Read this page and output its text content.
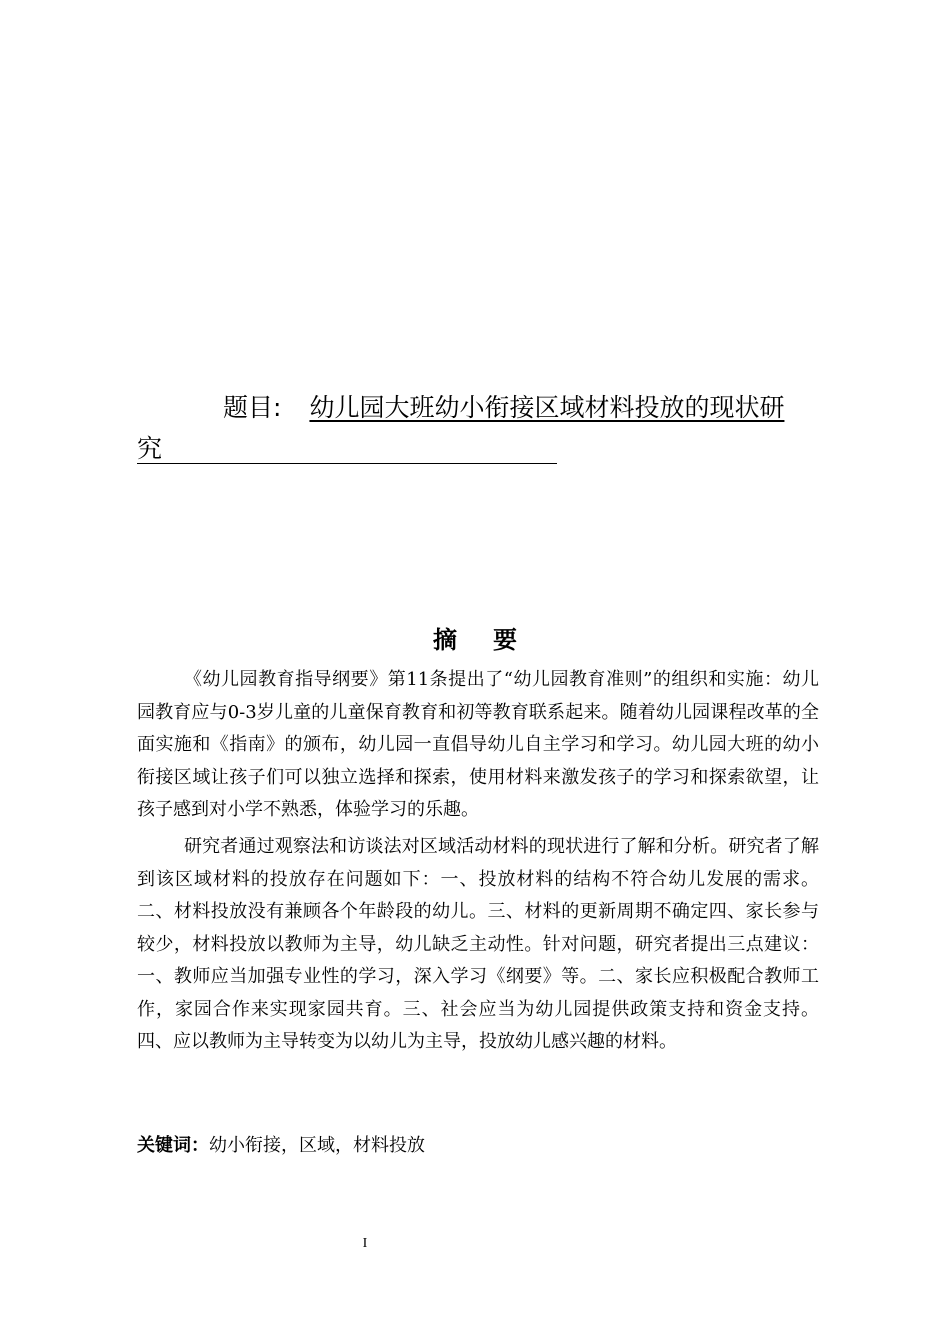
题目: 幼儿园大班幼小衔接区域材料投放的现状研
究
摘要

《幼儿园教育指导纲要》第11条提出了“幼儿园教育准则”的组织和实施：幼儿园教育应与0-3岁儿童的儿童保育教育和初等教育联系起来。随着幼儿园课程改革的全面实施和《指南》的颁布，幼儿园一直倡导幼儿自主学习和学习。幼儿园大班的幼小衔接区域让孩子们可以独立选择和探索，使用材料来激发孩子的学习和探索欲望，让孩子感到对小学不熟悉，体验学习的乐趣。

研究者通过观察法和访谈法对区域活动材料的现状进行了解和分析。研究者了解到该区域材料的投放存在问题如下：一、投放材料的结构不符合幼儿发展的需求。二、材料投放没有兼顾各个年龄段的幼儿。三、材料的更新周期不确定四、家长参与较少，材料投放以教师为主导，幼儿缺乏主动性。针对问题，研究者提出三点建议：一、教师应当加强专业性的学习，深入学习《纲要》等。二、家长应积极配合教师工作，家园合作来实现家园共育。三、社会应当为幼儿园提供政策支持和资金支持。四、应以教师为主导转变为以幼儿为主导，投放幼儿感兴趣的材料。

关键词：幼小衔接，区域，材料投放
I
